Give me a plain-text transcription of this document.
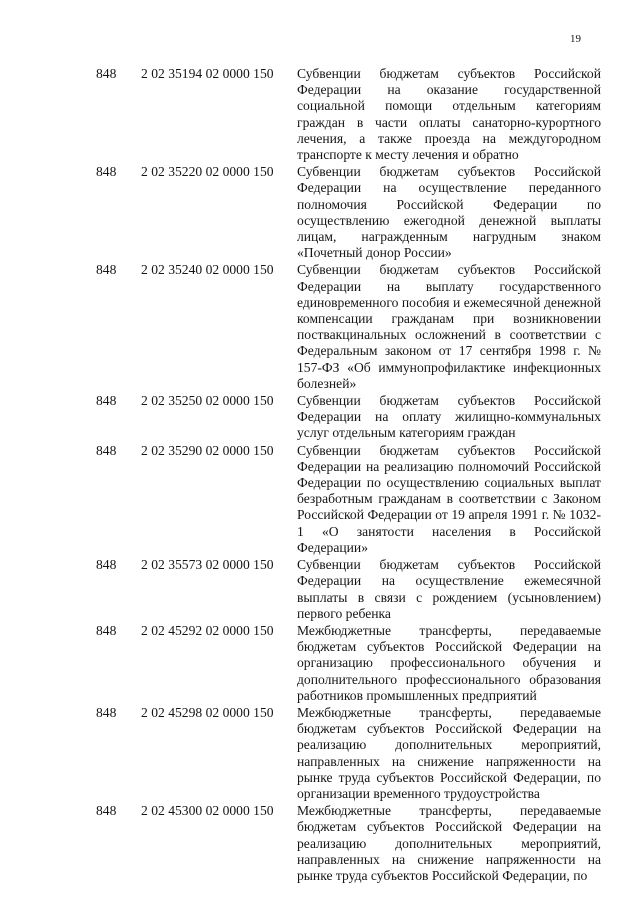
19
848 2 02 35194 02 0000 150 Субвенции бюджетам субъектов Российской Федерации на оказание государственной социальной помощи отдельным категориям граждан в части оплаты санаторно-курортного лечения, а также проезда на междугородном транспорте к месту лечения и обратно
848 2 02 35220 02 0000 150 Субвенции бюджетам субъектов Российской Федерации на осуществление переданного полномочия Российской Федерации по осуществлению ежегодной денежной выплаты лицам, награжденным нагрудным знаком «Почетный донор России»
848 2 02 35240 02 0000 150 Субвенции бюджетам субъектов Российской Федерации на выплату государственного единовременного пособия и ежемесячной денежной компенсации гражданам при возникновении поствакцинальных осложнений в соответствии с Федеральным законом от 17 сентября 1998 г. № 157-ФЗ «Об иммунопрофилактике инфекционных болезней»
848 2 02 35250 02 0000 150 Субвенции бюджетам субъектов Российской Федерации на оплату жилищно-коммунальных услуг отдельным категориям граждан
848 2 02 35290 02 0000 150 Субвенции бюджетам субъектов Российской Федерации на реализацию полномочий Российской Федерации по осуществлению социальных выплат безработным гражданам в соответствии с Законом Российской Федерации от 19 апреля 1991 г. № 1032-1 «О занятости населения в Российской Федерации»
848 2 02 35573 02 0000 150 Субвенции бюджетам субъектов Российской Федерации на осуществление ежемесячной выплаты в связи с рождением (усыновлением) первого ребенка
848 2 02 45292 02 0000 150 Межбюджетные трансферты, передаваемые бюджетам субъектов Российской Федерации на организацию профессионального обучения и дополнительного профессионального образования работников промышленных предприятий
848 2 02 45298 02 0000 150 Межбюджетные трансферты, передаваемые бюджетам субъектов Российской Федерации на реализацию дополнительных мероприятий, направленных на снижение напряженности на рынке труда субъектов Российской Федерации, по организации временного трудоустройства
848 2 02 45300 02 0000 150 Межбюджетные трансферты, передаваемые бюджетам субъектов Российской Федерации на реализацию дополнительных мероприятий, направленных на снижение напряженности на рынке труда субъектов Российской Федерации, по
